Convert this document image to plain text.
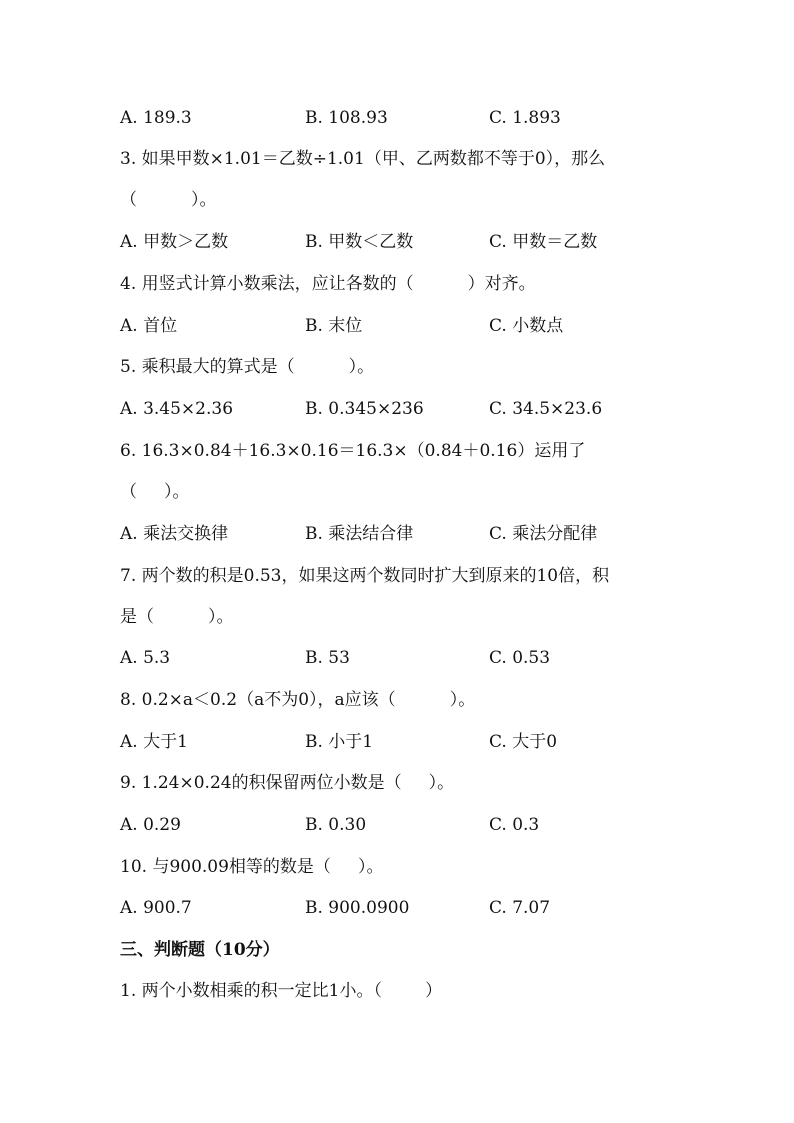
A. 189.3	B. 108.93	C. 1.893
3. 如果甲数×1.01＝乙数÷1.01（甲、乙两数都不等于0），那么
（          ）。
A. 甲数＞乙数	B. 甲数＜乙数	C. 甲数＝乙数
4. 用竖式计算小数乘法，应让各数的（          ）对齐。
A. 首位	B. 末位	C. 小数点
5. 乘积最大的算式是（          ）。
A. 3.45×2.36	B. 0.345×236	C. 34.5×23.6
6. 16.3×0.84＋16.3×0.16＝16.3×（0.84＋0.16）运用了
（     ）。
A. 乘法交换律	B. 乘法结合律	C. 乘法分配律
7. 两个数的积是0.53，如果这两个数同时扩大到原来的10倍，积
是（          ）。
A. 5.3	B. 53	C. 0.53
8. 0.2×a＜0.2（a不为0），a应该（          ）。
A. 大于1	B. 小于1	C. 大于0
9. 1.24×0.24的积保留两位小数是（     ）。
A. 0.29	B. 0.30	C. 0.3
10. 与900.09相等的数是（     ）。
A. 900.7	B. 900.0900	C. 7.07
三、判断题（10分）
1. 两个小数相乘的积一定比1小。（        ）
